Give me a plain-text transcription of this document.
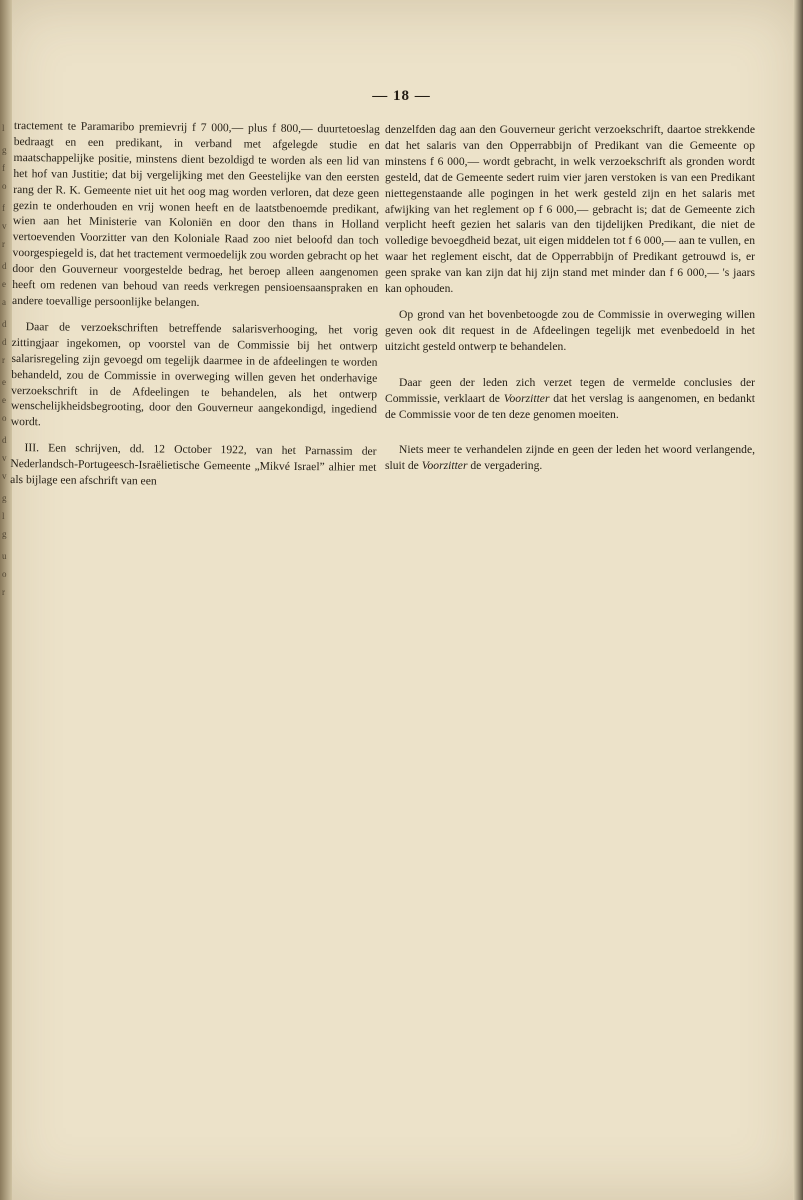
l
g
f
o
f
v
r
d
e
a
d
d
r
e
e
o
d
v
v
g
l
g
u
o
r
— 18 —

tractement te Paramaribo premievrij f 7 000,— plus f 800,— duurtetoeslag bedraagt en een predikant, in verband met afgelegde studie en maatschappelijke positie, minstens dient bezoldigd te worden als een lid van het hof van Justitie; dat bij vergelijking met den Geestelijke van den eersten rang der R. K. Gemeente niet uit het oog mag worden verloren, dat deze geen gezin te onderhouden en vrij wonen heeft en de laatstbenoemde predikant, wien aan het Ministerie van Koloniën en door den thans in Holland vertoevenden Voorzitter van den Koloniale Raad zoo niet beloofd dan toch voorgespiegeld is, dat het tractement vermoedelijk zou worden gebracht op het door den Gouverneur voorgestelde bedrag, het beroep alleen aangenomen heeft om redenen van behoud van reeds verkregen pensioensaanspraken en andere toevallige persoonlijke belangen.

Daar de verzoekschriften betreffende salarisverhooging, het vorig zittingjaar ingekomen, op voorstel van de Commissie bij het ontwerp salarisregeling zijn gevoegd om tegelijk daarmee in de afdeelingen te worden behandeld, zou de Commissie in overweging willen geven het onderhavige verzoekschrift in de Afdeelingen te behandelen, als het ontwerp wenschelijkheidsbegrooting, door den Gouverneur aangekondigd, ingediend wordt.

III. Een schrijven, dd. 12 October 1922, van het Parnassim der Nederlandsch-Portugeesch-Israëlietische Gemeente „Mikvé Israel” alhier met als bijlage een afschrift van een

denzelfden dag aan den Gouverneur gericht verzoekschrift, daartoe strekkende dat het salaris van den Opperrabbijn of Predikant van die Gemeente op minstens f 6 000,— wordt gebracht, in welk verzoekschrift als gronden wordt gesteld, dat de Gemeente sedert ruim vier jaren verstoken is van een Predikant niettegenstaande alle pogingen in het werk gesteld zijn en het salaris met afwijking van het reglement op f 6 000,— gebracht is; dat de Gemeente zich verplicht heeft gezien het salaris van den tijdelijken Predikant, die niet de volledige bevoegdheid bezat, uit eigen middelen tot f 6 000,— aan te vullen, en waar het reglement eischt, dat de Opperrabbijn of Predikant getrouwd is, er geen sprake van kan zijn dat hij zijn stand met minder dan f 6 000,— 's jaars kan ophouden.

Op grond van het bovenbetoogde zou de Commissie in overweging willen geven ook dit request in de Afdeelingen tegelijk met evenbedoeld in het uitzicht gesteld ontwerp te behandelen.

Daar geen der leden zich verzet tegen de vermelde conclusies der Commissie, verklaart de Voorzitter dat het verslag is aangenomen, en bedankt de Commissie voor de ten deze genomen moeiten.

Niets meer te verhandelen zijnde en geen der leden het woord verlangende, sluit de Voorzitter de vergadering.
